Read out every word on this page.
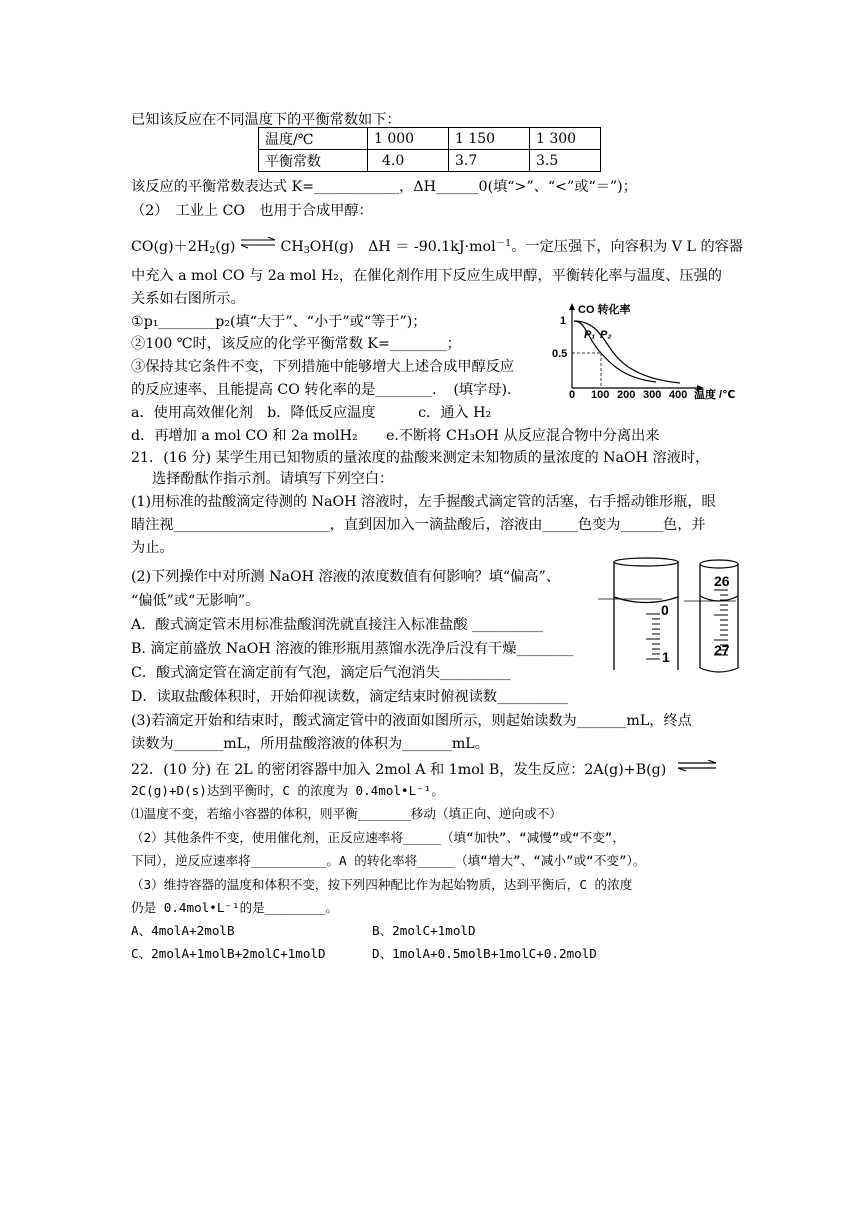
已知该反应在不同温度下的平衡常数如下：
温度/℃	1 000	1 150	1 300
平衡常数	4.0	3.7	3.5
该反应的平衡常数表达式 K=____________，ΔH______0(填“>”、“<”或“＝”)；
（2）　工业上 CO　也用于合成甲醇：
$CO(g)+2H_2(g)$ ⇌ $CH_3OH(g)$　ΔH ＝ -90.1kJ·mol$^{-1}$。一定压强下，向容积为 V L 的容器
中充入 a mol CO 与 2a mol H₂，在催化剂作用下反应生成甲醇，平衡转化率与温度、压强的
关系如右图所示。
①p₁________p₂(填“大于”、“小于”或“等于”)；
②100 ℃时，该反应的化学平衡常数 K=________；
③保持其它条件不变，下列措施中能够增大上述合成甲醇反应
的反应速率、且能提高 CO 转化率的是________．　(填字母).
a．使用高效催化剂　b．降低反应温度　　　c．通入 H₂
d．再增加 a mol CO 和 2a molH₂　　e.不断将 CH₃OH 从反应混合物中分离出来
21．(16 分) 某学生用已知物质的量浓度的盐酸来测定未知物质的量浓度的 NaOH 溶液时，
选择酚酞作指示剂。请填写下列空白：
(1)用标准的盐酸滴定待测的 NaOH 溶液时，左手握酸式滴定管的活塞，右手摇动锥形瓶，眼
睛注视______________________，直到因加入一滴盐酸后，溶液由_____色变为______色，并
为止。
(2)下列操作中对所测 NaOH 溶液的浓度数值有何影响？填“偏高”、
“偏低”或“无影响”。
A．酸式滴定管未用标准盐酸润洗就直接注入标准盐酸 __________
B. 滴定前盛放 NaOH 溶液的锥形瓶用蒸馏水洗净后没有干燥________
C．酸式滴定管在滴定前有气泡，滴定后气泡消失__________
D．读取盐酸体积时，开始仰视读数，滴定结束时俯视读数__________
(3)若滴定开始和结束时，酸式滴定管中的液面如图所示，则起始读数为_______mL，终点
读数为_______mL，所用盐酸溶液的体积为_______mL。
22．(10 分) 在 2L 的密闭容器中加入 2mol A 和 1mol B，发生反应：2A(g)+B(g) ⇌
2C(g)+D(s)达到平衡时，C 的浓度为 0.4mol•L⁻¹。
⑴温度不变，若缩小容器的体积，则平衡_______移动（填正向、逆向或不）
（2）其他条件不变，使用催化剂，正反应速率将_____（填“加快”、“减慢”或“不变”，
下同），逆反应速率将__________。A 的转化率将_____（填“增大”、“减小”或“不变”）。
（3）维持容器的温度和体积不变，按下列四种配比作为起始物质，达到平衡后，C 的浓度
仍是 0.4mol•L⁻¹的是________。
A、4molA+2molB	B、2molC+1molD
C、2molA+1molB+2molC+1molD	D、1molA+0.5molB+1molC+0.2molD
CO 转化率
温度 /℃
1
0.5
0 100 200 300 400
P₁ P₂
0
1
26
27
